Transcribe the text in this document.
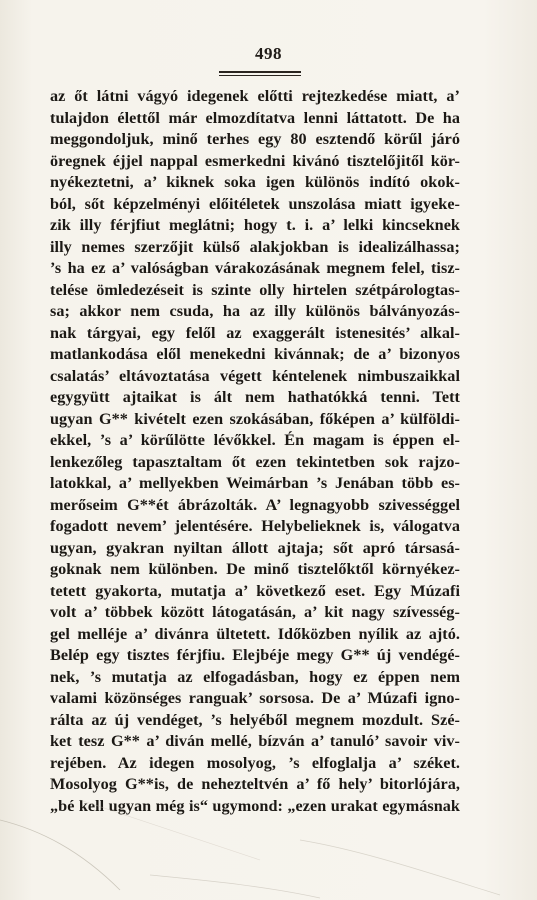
498
az őt látni vágyó idegenek előtti rejtezkedése miatt, a’
tulajdon élettől már elmozdítatva lenni láttatott. De ha
meggondoljuk, minő terhes egy 80 esztendő körűl járó
öregnek éjjel nappal esmerkedni kivánó tisztelőjitől kör-
nyékeztetni, a’ kiknek soka igen különös indító okok-
ból, sőt képzelményi előitéletek unszolása miatt igyeke-
zik illy férjfiut meglátni; hogy t. i. a’ lelki kincseknek
illy nemes szerzőjit külső alakjokban is idealizálhassa;
’s ha ez a’ valóságban várakozásának megnem felel, tisz-
telése ömledezéseit is szinte olly hirtelen szétpárologtas-
sa; akkor nem csuda, ha az illy különös bálványozás-
nak tárgyai, egy felől az exaggerált istenesités’ alkal-
matlankodása elől menekedni kivánnak; de a’ bizonyos
csalatás’ eltávoztatása végett kéntelenek nimbuszaikkal
egygyütt ajtaikat is ált nem hathatókká tenni. Tett
ugyan G** kivételt ezen szokásában, főképen a’ külföldi-
ekkel, ’s a’ körűlötte lévőkkel. Én magam is éppen el-
lenkezőleg tapasztaltam őt ezen tekintetben sok rajzo-
latokkal, a’ mellyekben Weimárban ’s Jenában több es-
merőseim G**ét ábrázolták. A’ legnagyobb szivességgel
fogadott nevem’ jelentésére. Helybelieknek is, válogatva
ugyan, gyakran nyiltan állott ajtaja; sőt apró társasá-
goknak nem különben. De minő tisztelőktől környékez-
tetett gyakorta, mutatja a’ következő eset. Egy Múzafi
volt a’ többek között látogatásán, a’ kit nagy szívesség-
gel melléje a’ divánra ültetett. Időközben nyílik az ajtó.
Belép egy tisztes férjfiu. Elejbéje megy G** új vendégé-
nek, ’s mutatja az elfogadásban, hogy ez éppen nem
valami közönséges ranguak’ sorsosa. De a’ Múzafi igno-
rálta az új vendéget, ’s helyéből megnem mozdult. Szé-
ket tesz G** a’ diván mellé, bízván a’ tanuló’ savoir viv-
rejében. Az idegen mosolyog, ’s elfoglalja a’ széket.
Mosolyog G**is, de nehezteltvén a’ fő hely’ bitorlójára,
„bé kell ugyan még is“ ugymond: „ezen urakat egymásnak
